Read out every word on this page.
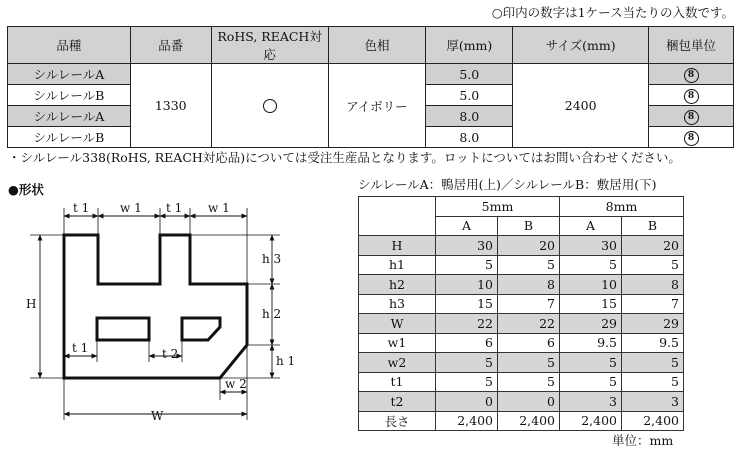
○印内の数字は1ケース当たりの入数です。
品種	品番	RoHS, REACH対応	色相	厚(mm)	サイズ(mm)	梱包単位
シルレールA	1330		アイボリー	5.0	2400	8
シルレールB				5.0		8
シルレールA				8.0		8
シルレールB				8.0		8
・シルレール338(RoHS, REACH対応品)については受注生産品となります。ロットについてはお問い合わせください。
●形状
t 1	w 1 t 1 w 1
h 3
h 2
h 1
H
t 1	t 2
w 2
W
シルレールA：鴨居用(上)／シルレールB：敷居用(下)
	5mm		8mm	
	A	B	A	B
H	30	20	30	20
h1	5	5	5	5
h2	10	8	10	8
h3	15	7	15	7
W	22	22	29	29
w1	6	6	9.5	9.5
w2	5	5	5	5
t1	5	5	5	5
t2	0	0	3	3
長さ	2,400	2,400	2,400	2,400
単位：mm
